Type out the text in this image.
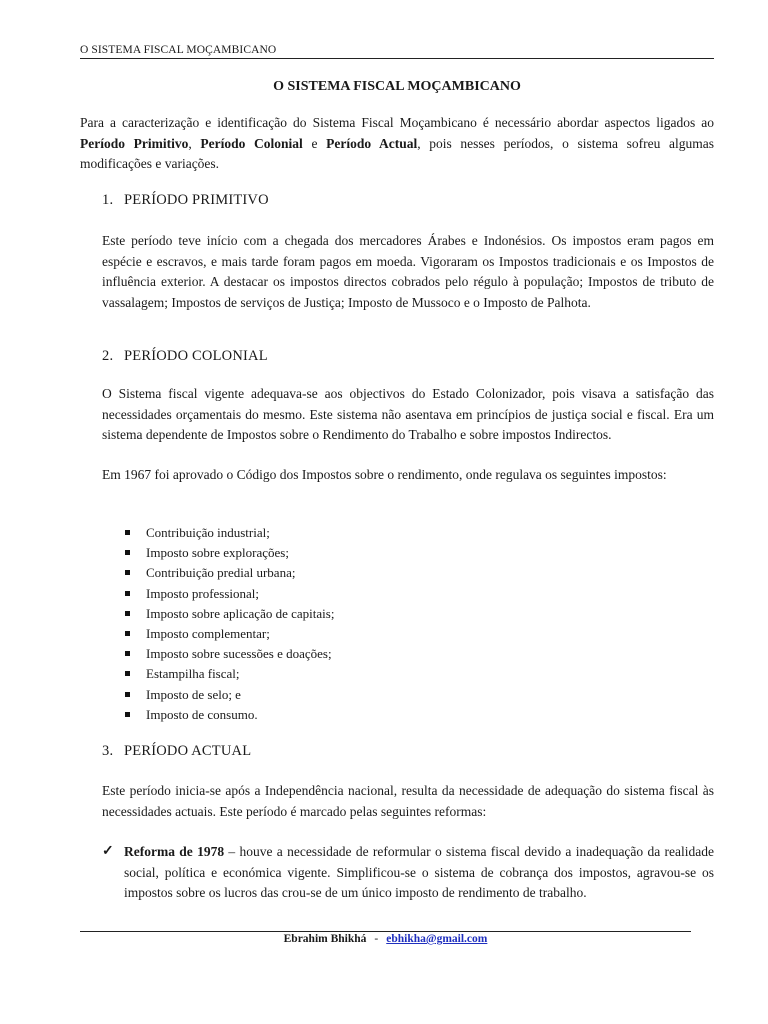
O SISTEMA FISCAL MOÇAMBICANO
O SISTEMA FISCAL MOÇAMBICANO

Para a caracterização e identificação do Sistema Fiscal Moçambicano é necessário abordar aspectos ligados ao Período Primitivo, Período Colonial e Período Actual, pois nesses períodos, o sistema sofreu algumas modificações e variações.

1. PERÍODO PRIMITIVO

Este período teve início com a chegada dos mercadores Árabes e Indonésios. Os impostos eram pagos em espécie e escravos, e mais tarde foram pagos em moeda. Vigoraram os Impostos tradicionais e os Impostos de influência exterior. A destacar os impostos directos cobrados pelo régulo à população; Impostos de tributo de vassalagem; Impostos de serviços de Justiça; Imposto de Mussoco e o Imposto de Palhota.

2. PERÍODO COLONIAL

O Sistema fiscal vigente adequava-se aos objectivos do Estado Colonizador, pois visava a satisfação das necessidades orçamentais do mesmo. Este sistema não asentava em princípios de justiça social e fiscal. Era um sistema dependente de Impostos sobre o Rendimento do Trabalho e sobre impostos Indirectos.

Em 1967 foi aprovado o Código dos Impostos sobre o rendimento, onde regulava os seguintes impostos:

Contribuição industrial;
Imposto sobre explorações;
Contribuição predial urbana;
Imposto professional;
Imposto sobre aplicação de capitais;
Imposto complementar;
Imposto sobre sucessões e doações;
Estampilha fiscal;
Imposto de selo; e
Imposto de consumo.
3. PERÍODO ACTUAL

Este período inicia-se após a Independência nacional, resulta da necessidade de adequação do sistema fiscal às necessidades actuais. Este período é marcado pelas seguintes reformas:

✓ Reforma de 1978 – houve a necessidade de reformular o sistema fiscal devido a inadequação da realidade social, política e económica vigente. Simplificou-se o sistema de cobrança dos impostos, agravou-se os impostos sobre os lucros das crou-se de um único imposto de rendimento de trabalho.

Ebrahim Bhikhá - ebhikha@gmail.com
